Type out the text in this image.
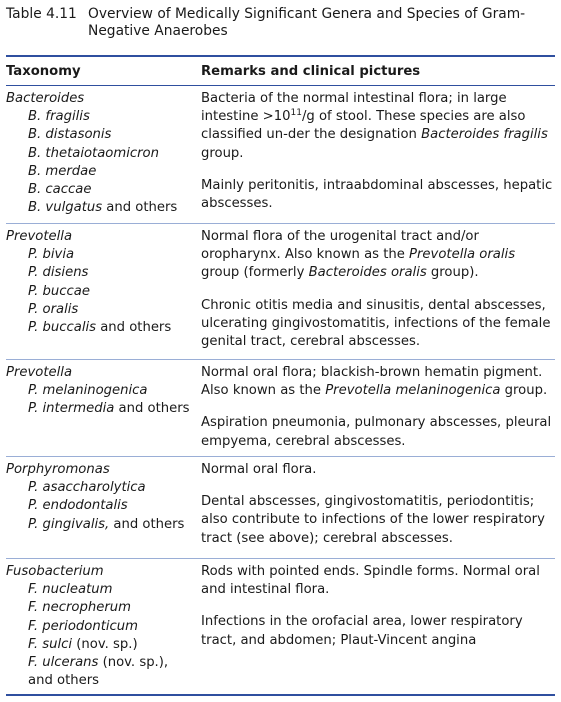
Table 4.11 Overview of Medically Significant Genera and Species of Gram-Negative Anaerobes
Taxonomy	Remarks and clinical pictures
Bacteroides
B. fragilis
B. distasonis
B. thetaiotaomicron
B. merdae
B. caccae
B. vulgatus and others

Bacteria of the normal intestinal flora; in large intestine $>10^{11}/g$ of stool. These species are also classified un-der the designation Bacteroides fragilis group.

Mainly peritonitis, intraabdominal abscesses, hepatic abscesses.

Prevotella
P. bivia
P. disiens
P. buccae
P. oralis
P. buccalis and others

Normal flora of the urogenital tract and/or oropharynx. Also known as the Prevotella oralis group (formerly Bacteroides oralis group).

Chronic otitis media and sinusitis, dental abscesses, ulcerating gingivostomatitis, infections of the female genital tract, cerebral abscesses.

Prevotella
P. melaninogenica
P. intermedia and others

Normal oral flora; blackish-brown hematin pigment. Also known as the Prevotella melaninogenica group.

Aspiration pneumonia, pulmonary abscesses, pleural empyema, cerebral abscesses.

Porphyromonas
P. asaccharolytica
P. endodontalis
P. gingivalis, and others

Normal oral flora.

Dental abscesses, gingivostomatitis, periodontitis; also contribute to infections of the lower respiratory tract (see above); cerebral abscesses.

Fusobacterium
F. nucleatum
F. necropherum
F. periodonticum
F. sulci (nov. sp.)
F. ulcerans (nov. sp.),
and others

Rods with pointed ends. Spindle forms. Normal oral and intestinal flora.

Infections in the orofacial area, lower respiratory tract, and abdomen; Plaut-Vincent angina
